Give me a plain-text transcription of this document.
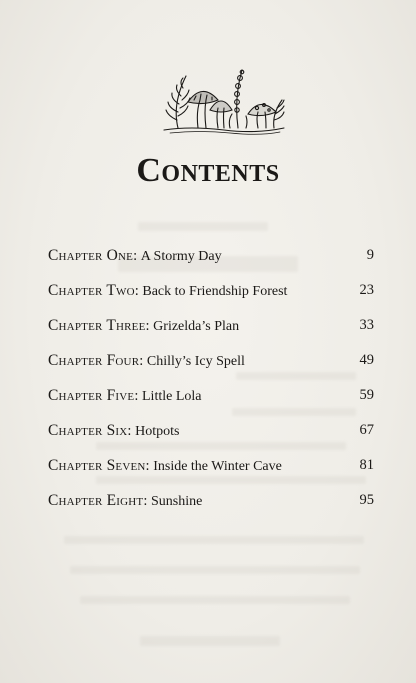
Contents
Chapter One: A Stormy Day	9
Chapter Two: Back to Friendship Forest	23
Chapter Three: Grizelda’s Plan	33
Chapter Four: Chilly’s Icy Spell	49
Chapter Five: Little Lola	59
Chapter Six: Hotpots	67
Chapter Seven: Inside the Winter Cave	81
Chapter Eight: Sunshine	95
